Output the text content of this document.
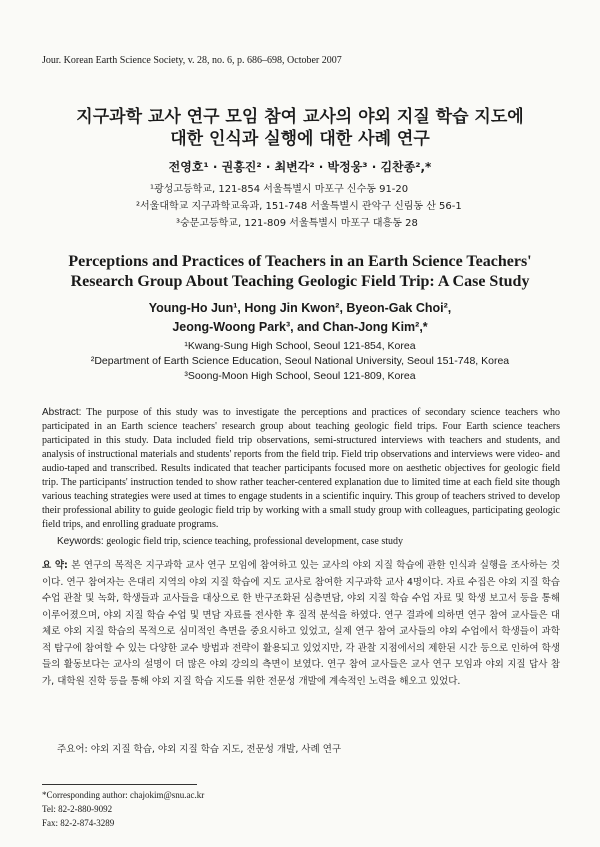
Jour. Korean Earth Science Society, v. 28, no. 6, p. 686–698, October 2007
지구과학 교사 연구 모임 참여 교사의 야외 지질 학습 지도에
대한 인식과 실행에 대한 사례 연구
전영호¹ · 권홍진² · 최변각² · 박정웅³ · 김찬종²,*
¹광성고등학교, 121-854 서울특별시 마포구 신수동 91-20
²서울대학교 지구과학교육과, 151-748 서울특별시 관악구 신림동 산 56-1
³숭문고등학교, 121-809 서울특별시 마포구 대흥동 28
Perceptions and Practices of Teachers in an Earth Science Teachers'
Research Group About Teaching Geologic Field Trip: A Case Study
Young-Ho Jun¹, Hong Jin Kwon², Byeon-Gak Choi²,
Jeong-Woong Park³, and Chan-Jong Kim²,*
¹Kwang-Sung High School, Seoul 121-854, Korea
²Department of Earth Science Education, Seoul National University, Seoul 151-748, Korea
³Soong-Moon High School, Seoul 121-809, Korea
Abstract: The purpose of this study was to investigate the perceptions and practices of secondary science teachers who participated in an Earth science teachers' research group about teaching geologic field trips. Four Earth science teachers participated in this study. Data included field trip observations, semi-structured interviews with teachers and students, and analysis of instructional materials and students' reports from the field trip. Field trip observations and interviews were video- and audio-taped and transcribed. Results indicated that teacher participants focused more on aesthetic objectives for geologic field trip. The participants' instruction tended to show rather teacher-centered explanation due to limited time at each field site though various teaching strategies were used at times to engage students in a scientific inquiry. This group of teachers strived to develop their professional ability to guide geologic field trip by working with a small study group with colleagues, participating geologic field trips, and enrolling graduate programs.
Keywords: geologic field trip, science teaching, professional development, case study
요 약: 본 연구의 목적은 지구과학 교사 연구 모임에 참여하고 있는 교사의 야외 지질 학습에 관한 인식과 실행을 조사하는 것이다. 연구 참여자는 은대리 지역의 야외 지질 학습에 지도 교사로 참여한 지구과학 교사 4명이다. 자료 수집은 야외 지질 학습 수업 관찰 및 녹화, 학생들과 교사들을 대상으로 한 반구조화된 심층면담, 야외 지질 학습 수업 자료 및 학생 보고서 등을 통해 이루어졌으며, 야외 지질 학습 수업 및 면담 자료를 전사한 후 질적 분석을 하였다. 연구 결과에 의하면 연구 참여 교사들은 대체로 야외 지질 학습의 목적으로 심미적인 측면을 중요시하고 있었고, 실제 연구 참여 교사들의 야외 수업에서 학생들이 과학적 탐구에 참여할 수 있는 다양한 교수 방법과 전략이 활용되고 있었지만, 각 관찰 지점에서의 제한된 시간 등으로 인하여 학생들의 활동보다는 교사의 설명이 더 많은 야외 강의의 측면이 보였다. 연구 참여 교사들은 교사 연구 모임과 야외 지질 답사 참가, 대학원 진학 등을 통해 야외 지질 학습 지도를 위한 전문성 개발에 계속적인 노력을 해오고 있었다.
주요어: 야외 지질 학습, 야외 지질 학습 지도, 전문성 개발, 사례 연구
*Corresponding author: chajokim@snu.ac.kr
Tel: 82-2-880-9092
Fax: 82-2-874-3289
